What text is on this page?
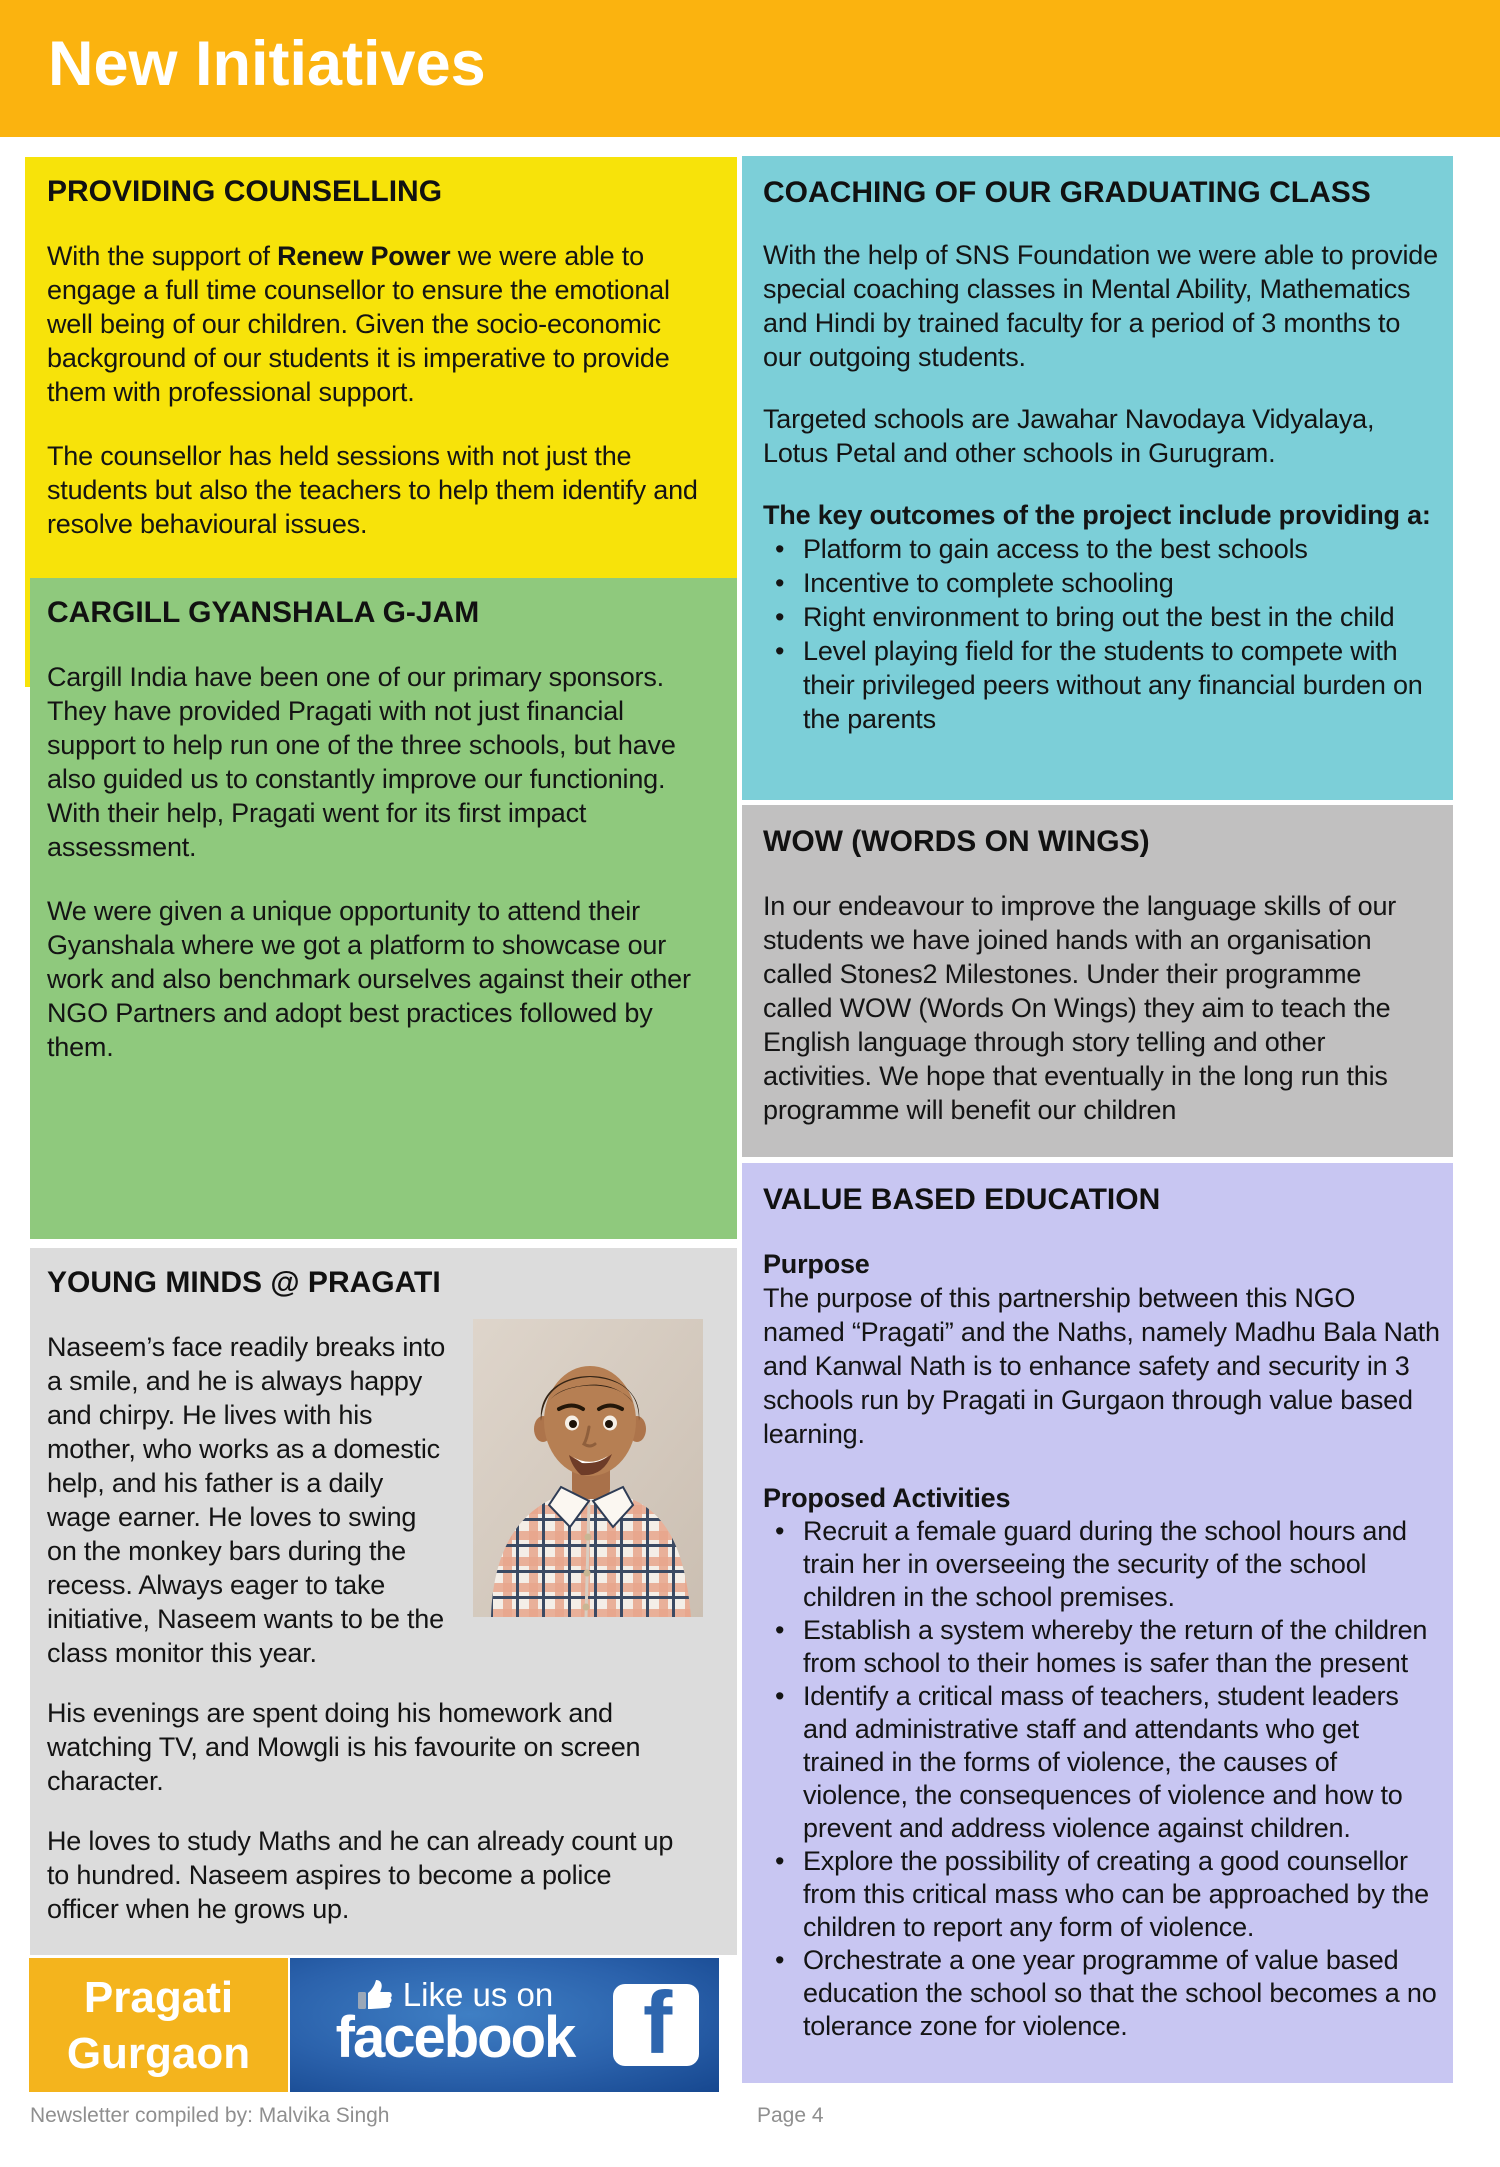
New Initiatives
PROVIDING COUNSELLING

With the support of Renew Power we were able to engage a full time counsellor to ensure the emotional well being of our children. Given the socio-economic background of our students it is imperative to provide them with professional support.

The counsellor has held sessions with not just the students but also the teachers to help them identify and resolve behavioural issues.

CARGILL GYANSHALA G-JAM

Cargill India have been one of our primary sponsors. They have provided Pragati with not just financial support to help run one of the three schools, but have also guided us to constantly improve our functioning. With their help, Pragati went for its first impact assessment.

We were given a unique opportunity to attend their Gyanshala where we got a platform to showcase our work and also benchmark ourselves against their other NGO Partners and adopt best practices followed by them.

YOUNG MINDS @ PRAGATI

Naseem’s face readily breaks into a smile, and he is always happy and chirpy. He lives with his mother, who works as a domestic help, and his father is a daily wage earner. He loves to swing on the monkey bars during the recess. Always eager to take initiative, Naseem wants to be the class monitor this year.

His evenings are spent doing his homework and watching TV, and Mowgli is his favourite on screen character.

He loves to study Maths and he can already count up to hundred. Naseem aspires to become a police officer when he grows up.

COACHING OF OUR GRADUATING CLASS

With the help of SNS Foundation we were able to provide special coaching classes in Mental Ability, Mathematics and Hindi by trained faculty for a period of 3 months to our outgoing students.

Targeted schools are Jawahar Navodaya Vidyalaya, Lotus Petal and other schools in Gurugram.

The key outcomes of the project include providing a:

• Platform to gain access to the best schools
• Incentive to complete schooling
• Right environment to bring out the best in the child
• Level playing field for the students to compete with their privileged peers without any financial burden on the parents
WOW (WORDS ON WINGS)

In our endeavour to improve the language skills of our students we have joined hands with an organisation called Stones2 Milestones. Under their programme called WOW (Words On Wings) they aim to teach the English language through story telling and other activities. We hope that eventually in the long run this programme will benefit our children

VALUE BASED EDUCATION

Purpose

The purpose of this partnership between this NGO named “Pragati” and the Naths, namely Madhu Bala Nath and Kanwal Nath is to enhance safety and security in 3 schools run by Pragati in Gurgaon through value based learning.

Proposed Activities

• Recruit a female guard during the school hours and train her in overseeing the security of the school children in the school premises.
• Establish a system whereby the return of the children from school to their homes is safer than the present
• Identify a critical mass of teachers, student leaders and administrative staff and attendants who get trained in the forms of violence, the causes of violence, the consequences of violence and how to prevent and address violence against children.
• Explore the possibility of creating a good counsellor from this critical mass who can be approached by the children to report any form of violence.
• Orchestrate a one year programme of value based education the school so that the school becomes a no tolerance zone for violence.
Pragati
Gurgaon
Like us on
facebook f
Newsletter compiled by: Malvika Singh	Page 4
